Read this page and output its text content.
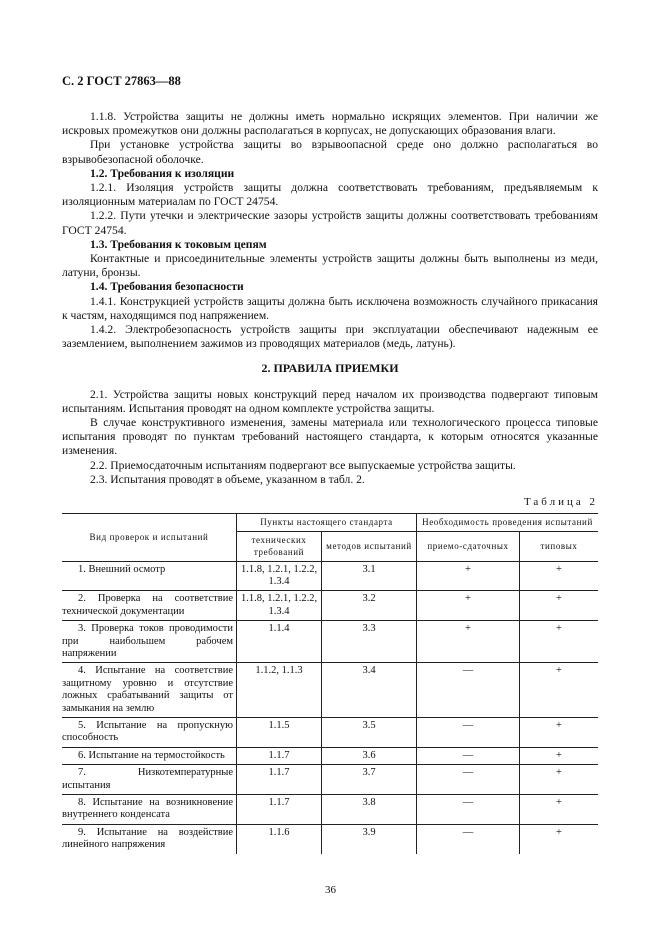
С. 2 ГОСТ 27863—88
1.1.8. Устройства защиты не должны иметь нормально искрящих элементов. При наличии же искровых промежутков они должны располагаться в корпусах, не допускающих образования влаги.
При установке устройства защиты во взрывоопасной среде оно должно располагаться во взрывобезопасной оболочке.
1.2. Требования к изоляции
1.2.1. Изоляция устройств защиты должна соответствовать требованиям, предъявляемым к изоляционным материалам по ГОСТ 24754.
1.2.2. Пути утечки и электрические зазоры устройств защиты должны соответствовать требованиям ГОСТ 24754.
1.3. Требования к токовым цепям
Контактные и присоединительные элементы устройств защиты должны быть выполнены из меди, латуни, бронзы.
1.4. Требования безопасности
1.4.1. Конструкцией устройств защиты должна быть исключена возможность случайного прикасания к частям, находящимся под напряжением.
1.4.2. Электробезопасность устройств защиты при эксплуатации обеспечивают надежным ее заземлением, выполнением зажимов из проводящих материалов (медь, латунь).
2. ПРАВИЛА ПРИЕМКИ
2.1. Устройства защиты новых конструкций перед началом их производства подвергают типовым испытаниям. Испытания проводят на одном комплекте устройства защиты.
В случае конструктивного изменения, замены материала или технологического процесса типовые испытания проводят по пунктам требований настоящего стандарта, к которым относятся указанные изменения.
2.2. Приемосдаточным испытаниям подвергают все выпускаемые устройства защиты.
2.3. Испытания проводят в объеме, указанном в табл. 2.
Таблица 2
Вид проверок и испытаний	Пункты настоящего стандарта		Необходимость проведения испытаний	
	технических требований	методов испытаний	приемо-сдаточных	типовых
1. Внешний осмотр	1.1.8, 1.2.1, 1.2.2, 1.3.4	3.1	+	+
2. Проверка на соответствие технической документации	1.1.8, 1.2.1, 1.2.2, 1.3.4	3.2	+	+
3. Проверка токов проводимости при наибольшем рабочем напряжении	1.1.4	3.3	+	+
4. Испытание на соответствие защитному уровню и отсутствие ложных срабатываний защиты от замыкания на землю	1.1.2, 1.1.3	3.4	—	+
5. Испытание на пропускную способность	1.1.5	3.5	—	+
6. Испытание на термостойкость	1.1.7	3.6	—	+
7. Низкотемпературные испытания	1.1.7	3.7	—	+
8. Испытание на возникновение внутреннего конденсата	1.1.7	3.8	—	+
9. Испытание на воздействие линейного напряжения	1.1.6	3.9	—	+
36
